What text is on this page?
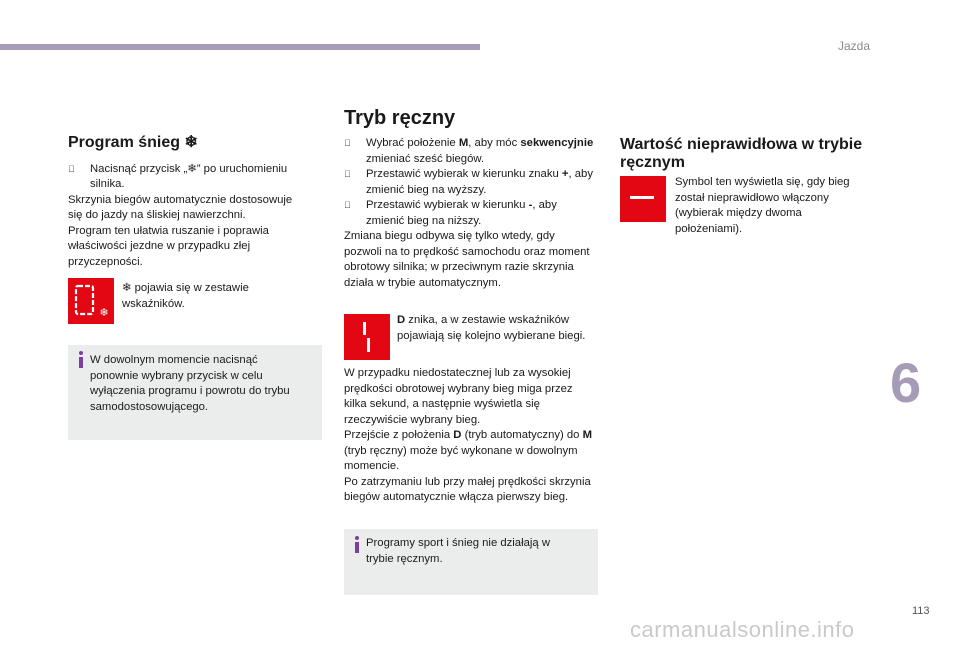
Jazda
6
113
carmanualsonline.info
Program śnieg ❄
Nacisnąć przycisk „❄” po uruchomieniu silnika.

Skrzynia biegów automatycznie dostosowuje

się do jazdy na śliskiej nawierzchni.

Program ten ułatwia ruszanie i poprawia

właściwości jezdne w przypadku złej

przyczepności.

❄
❄ pojawia się w zestawie wskaźników.
W dowolnym momencie nacisnąć ponownie wybrany przycisk w celu wyłączenia programu i powrotu do trybu samodostosowującego.
Tryb ręczny
Wybrać położenie M, aby móc sekwencyjnie zmieniać sześć biegów.
Przestawić wybierak w kierunku znaku +, aby zmienić bieg na wyższy.
Przestawić wybierak w kierunku -, aby zmienić bieg na niższy.

Zmiana biegu odbywa się tylko wtedy, gdy pozwoli na to prędkość samochodu oraz moment obrotowy silnika; w przeciwnym razie skrzynia działa w trybie automatycznym.

D znika, a w zestawie wskaźników pojawiają się kolejno wybierane biegi.

W przypadku niedostatecznej lub za wysokiej prędkości obrotowej wybrany bieg miga przez kilka sekund, a następnie wyświetla się rzeczywiście wybrany bieg.

Przejście z położenia D (tryb automatyczny) do M (tryb ręczny) może być wykonane w dowolnym momencie.

Po zatrzymaniu lub przy małej prędkości skrzynia biegów automatycznie włącza pierwszy bieg.

Programy sport i śnieg nie działają w trybie ręcznym.
Wartość nieprawidłowa w trybie
ręcznym
Symbol ten wyświetla się, gdy bieg został nieprawidłowo włączony (wybierak między dwoma położeniami).
